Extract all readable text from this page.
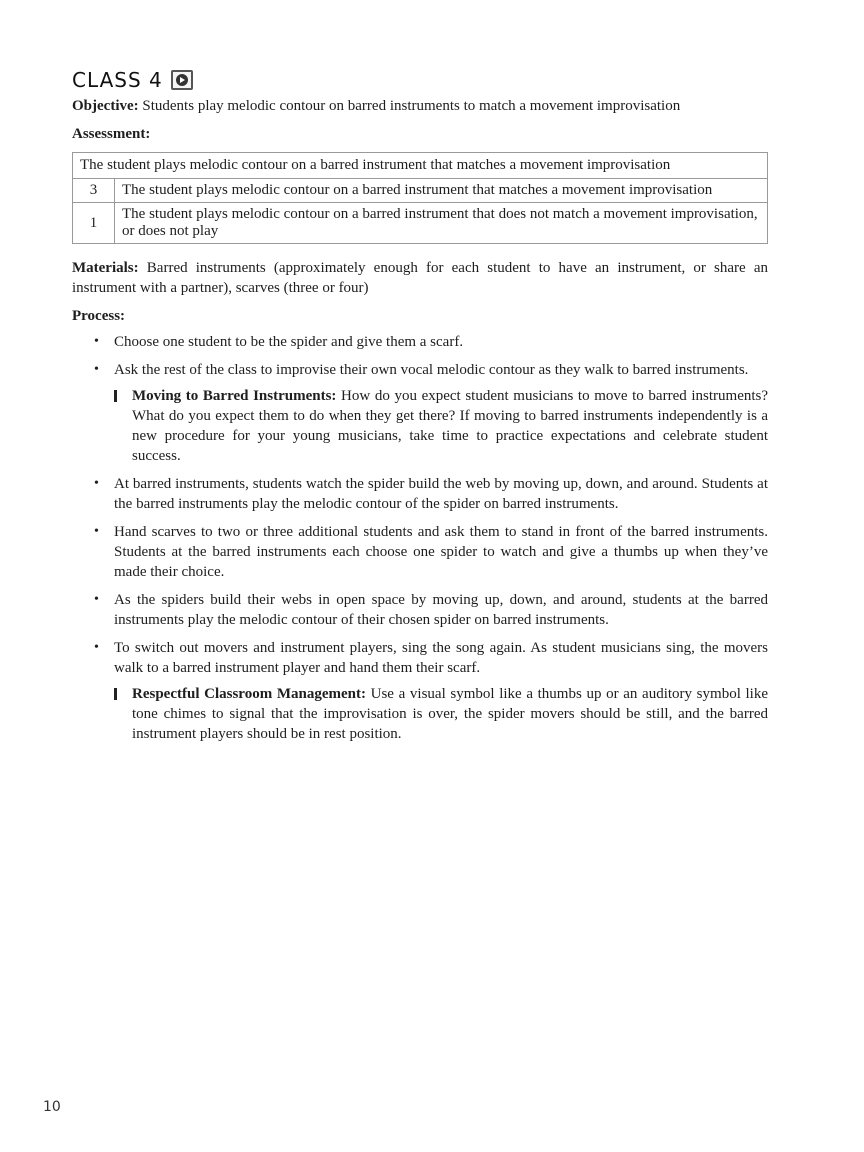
CLASS 4

Objective: Students play melodic contour on barred instruments to match a movement improvisation

Assessment:

The student plays melodic contour on a barred instrument that matches a movement improvisation	
3	The student plays melodic contour on a barred instrument that matches a movement improvisation
1	The student plays melodic contour on a barred instrument that does not match a movement improvisation, or does not play

Materials: Barred instruments (approximately enough for each student to have an instrument, or share an instrument with a partner), scarves (three or four)

Process:

• Choose one student to be the spider and give them a scarf.
• Ask the rest of the class to improvise their own vocal melodic contour as they walk to barred instruments.
Moving to Barred Instruments: How do you expect student musicians to move to barred instruments? What do you expect them to do when they get there? If moving to barred instruments independently is a new procedure for your young musicians, take time to practice expectations and celebrate student success.
• At barred instruments, students watch the spider build the web by moving up, down, and around. Students at the barred instruments play the melodic contour of the spider on barred instruments.
• Hand scarves to two or three additional students and ask them to stand in front of the barred instruments. Students at the barred instruments each choose one spider to watch and give a thumbs up when they’ve made their choice.
• As the spiders build their webs in open space by moving up, down, and around, students at the barred instruments play the melodic contour of their chosen spider on barred instruments.
• To switch out movers and instrument players, sing the song again. As student musicians sing, the movers walk to a barred instrument player and hand them their scarf.
Respectful Classroom Management: Use a visual symbol like a thumbs up or an auditory symbol like tone chimes to signal that the improvisation is over, the spider movers should be still, and the barred instrument players should be in rest position.
10
